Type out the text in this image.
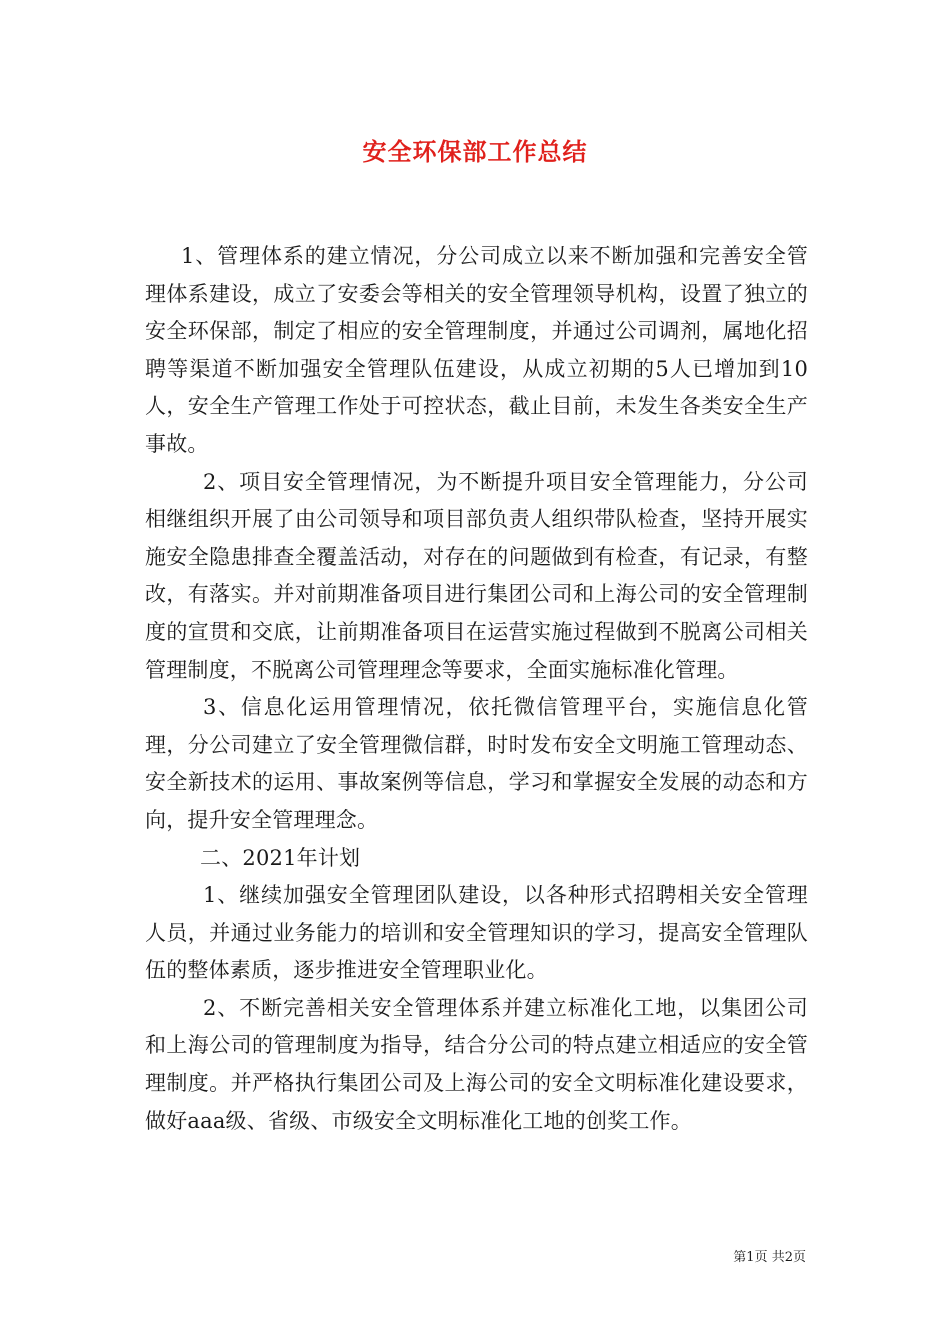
安全环保部工作总结

1、管理体系的建立情况，分公司成立以来不断加强和完善安全管理体系建设，成立了安委会等相关的安全管理领导机构，设置了独立的安全环保部，制定了相应的安全管理制度，并通过公司调剂，属地化招聘等渠道不断加强安全管理队伍建设，从成立初期的5人已增加到10人，安全生产管理工作处于可控状态，截止目前，未发生各类安全生产事故。

2、项目安全管理情况，为不断提升项目安全管理能力，分公司相继组织开展了由公司领导和项目部负责人组织带队检查，坚持开展实施安全隐患排查全覆盖活动，对存在的问题做到有检查，有记录，有整改，有落实。并对前期准备项目进行集团公司和上海公司的安全管理制度的宣贯和交底，让前期准备项目在运营实施过程做到不脱离公司相关管理制度，不脱离公司管理理念等要求，全面实施标准化管理。

3、信息化运用管理情况，依托微信管理平台，实施信息化管理，分公司建立了安全管理微信群，时时发布安全文明施工管理动态、安全新技术的运用、事故案例等信息，学习和掌握安全发展的动态和方向，提升安全管理理念。

二、2021年计划

1、继续加强安全管理团队建设，以各种形式招聘相关安全管理人员，并通过业务能力的培训和安全管理知识的学习，提高安全管理队伍的整体素质，逐步推进安全管理职业化。

2、不断完善相关安全管理体系并建立标准化工地，以集团公司和上海公司的管理制度为指导，结合分公司的特点建立相适应的安全管理制度。并严格执行集团公司及上海公司的安全文明标准化建设要求，做好aaa级、省级、市级安全文明标准化工地的创奖工作。

第1页 共2页
